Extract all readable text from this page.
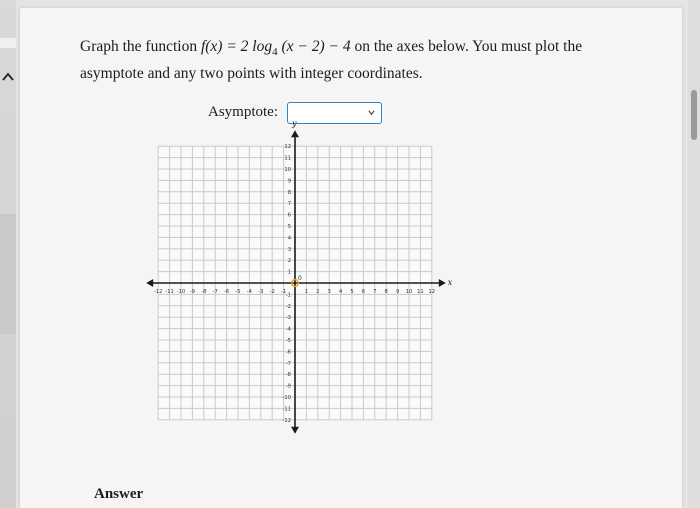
Graph the function f(x) = 2 $\log_4 (x - 2) - 4$ on the axes below. You must plot the
asymptote and any two points with integer coordinates.
Asymptote:
x
y
-12 -11 -10 -9 -8 -7 -6 -5 -4 -3 -2 -1	1 2 3 4 5 6 7 8 9 10 11 12
12
11
10
9
8
7
6
5
4
3
2
1
-1
-2
-3
-4
-5
-6
-7
-8
-9
-10
-11
-12
0
Answer
